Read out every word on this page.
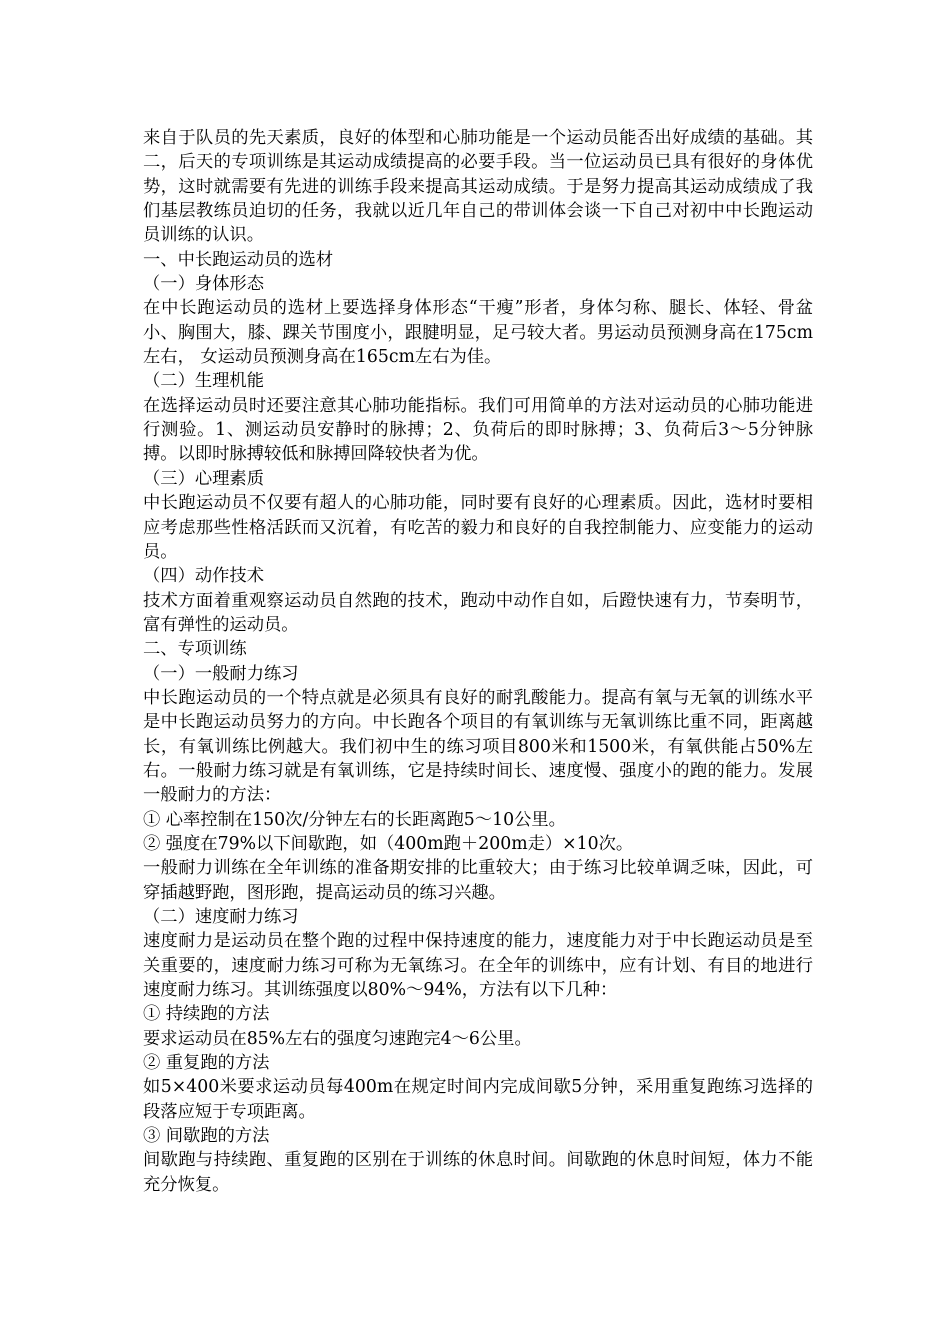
来自于队员的先天素质，良好的体型和心肺功能是一个运动员能否出好成绩的基础。其二，后天的专项训练是其运动成绩提高的必要手段。当一位运动员已具有很好的身体优势，这时就需要有先进的训练手段来提高其运动成绩。于是努力提高其运动成绩成了我们基层教练员迫切的任务，我就以近几年自己的带训体会谈一下自己对初中中长跑运动员训练的认识。

一、中长跑运动员的选材
（一）身体形态

在中长跑运动员的选材上要选择身体形态“干瘦”形者，身体匀称、腿长、体轻、骨盆小、胸围大，膝、踝关节围度小，跟腱明显，足弓较大者。男运动员预测身高在175cm左右， 女运动员预测身高在165cm左右为佳。

（二）生理机能

在选择运动员时还要注意其心肺功能指标。我们可用简单的方法对运动员的心肺功能进行测验。1、测运动员安静时的脉搏；2、负荷后的即时脉搏；3、负荷后3～5分钟脉搏。以即时脉搏较低和脉搏回降较快者为优。

（三）心理素质

中长跑运动员不仅要有超人的心肺功能，同时要有良好的心理素质。因此，选材时要相应考虑那些性格活跃而又沉着，有吃苦的毅力和良好的自我控制能力、应变能力的运动员。

（四）动作技术

技术方面着重观察运动员自然跑的技术，跑动中动作自如，后蹬快速有力，节奏明节，富有弹性的运动员。

二、专项训练
（一）一般耐力练习

中长跑运动员的一个特点就是必须具有良好的耐乳酸能力。提高有氧与无氧的训练水平是中长跑运动员努力的方向。中长跑各个项目的有氧训练与无氧训练比重不同，距离越长，有氧训练比例越大。我们初中生的练习项目800米和1500米，有氧供能占50%左右。一般耐力练习就是有氧训练，它是持续时间长、速度慢、强度小的跑的能力。发展一般耐力的方法：

① 心率控制在150次/分钟左右的长距离跑5～10公里。
② 强度在79%以下间歇跑，如（400m跑＋200m走）×10次。

一般耐力训练在全年训练的准备期安排的比重较大；由于练习比较单调乏味，因此，可穿插越野跑，图形跑，提高运动员的练习兴趣。

（二）速度耐力练习

速度耐力是运动员在整个跑的过程中保持速度的能力，速度能力对于中长跑运动员是至关重要的，速度耐力练习可称为无氧练习。在全年的训练中，应有计划、有目的地进行速度耐力练习。其训练强度以80%～94%，方法有以下几种：

① 持续跑的方法
要求运动员在85%左右的强度匀速跑完4～6公里。
② 重复跑的方法

如5×400米要求运动员每400m在规定时间内完成间歇5分钟，采用重复跑练习选择的段落应短于专项距离。

③ 间歇跑的方法

间歇跑与持续跑、重复跑的区别在于训练的休息时间。间歇跑的休息时间短，体力不能充分恢复。
